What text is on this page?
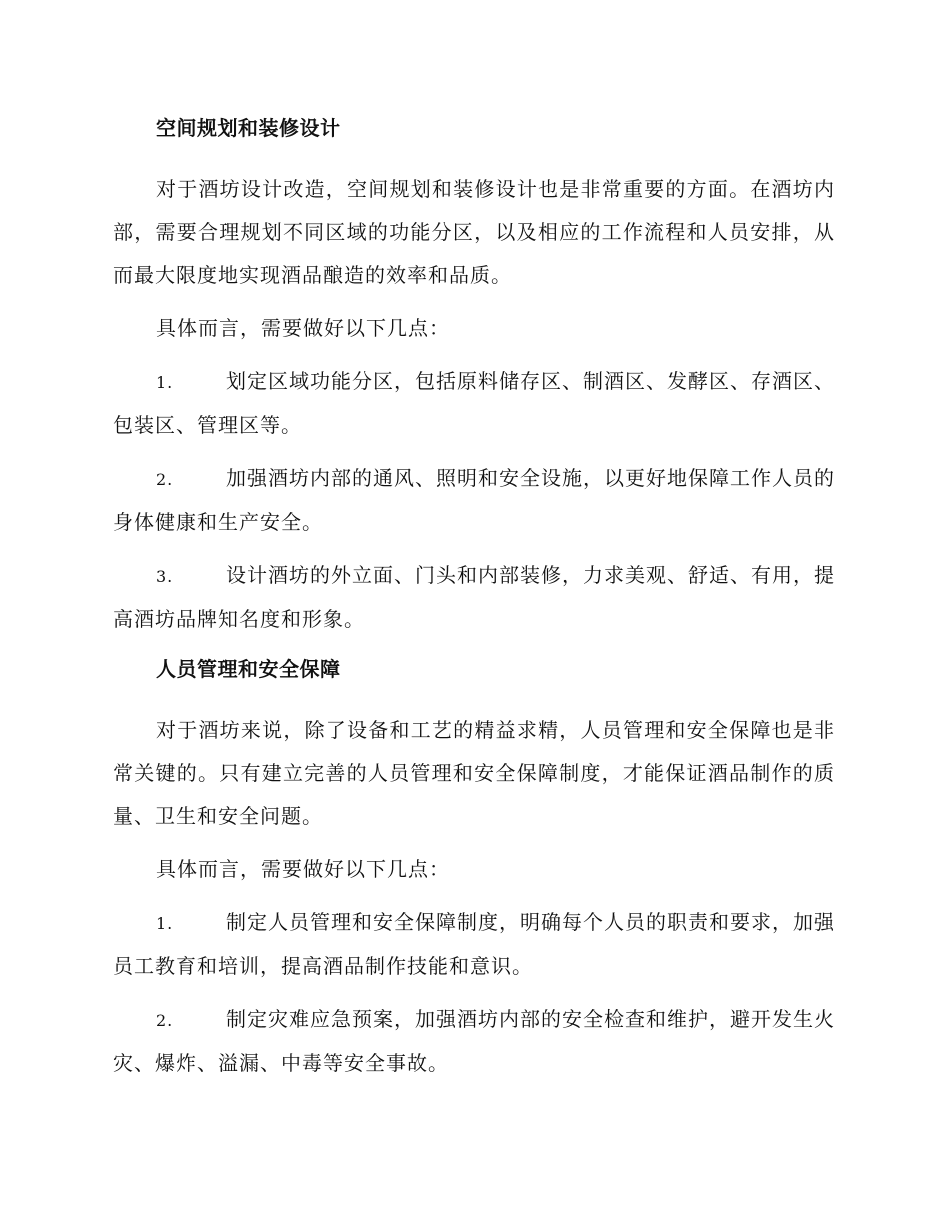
空间规划和装修设计

对于酒坊设计改造，空间规划和装修设计也是非常重要的方面。在酒坊内部，需要合理规划不同区域的功能分区，以及相应的工作流程和人员安排，从而最大限度地实现酒品酿造的效率和品质。

具体而言，需要做好以下几点：

1.	划定区域功能分区，包括原料储存区、制酒区、发酵区、存酒区、包装区、管理区等。
2.	加强酒坊内部的通风、照明和安全设施，以更好地保障工作人员的身体健康和生产安全。
3.	设计酒坊的外立面、门头和内部装修，力求美观、舒适、有用，提高酒坊品牌知名度和形象。
人员管理和安全保障

对于酒坊来说，除了设备和工艺的精益求精，人员管理和安全保障也是非常关键的。只有建立完善的人员管理和安全保障制度，才能保证酒品制作的质量、卫生和安全问题。

具体而言，需要做好以下几点：

1.	制定人员管理和安全保障制度，明确每个人员的职责和要求，加强员工教育和培训，提高酒品制作技能和意识。
2.	制定灾难应急预案，加强酒坊内部的安全检查和维护，避开发生火灾、爆炸、溢漏、中毒等安全事故。
